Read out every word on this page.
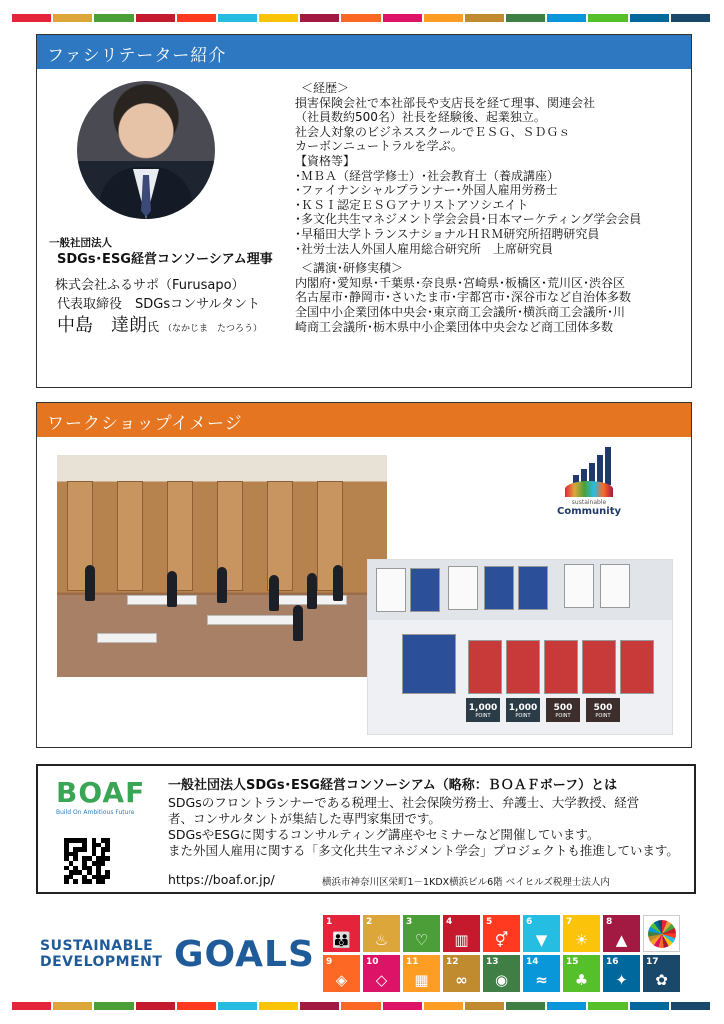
ファシリテーター紹介
一般社団法人
SDGs･ESG経営コンソーシアム理事
株式会社ふるサポ（Furusapo）
代表取締役　SDGsコンサルタント
中島　達朗氏 （なかじま　たつろう）
＜経歴＞
損害保険会社で本社部長や支店長を経て理事、関連会社
（社員数約500名）社長を経験後、起業独立。
社会人対象のビジネススクールでＥＳＧ、ＳＤＧｓ
カーボンニュートラルを学ぶ。
【資格等】
･ＭＢＡ（経営学修士）･社会教育士（養成講座）
･ファイナンシャルプランナー･外国人雇用労務士
･ＫＳＩ認定ＥＳＧアナリストアソシエイト
･多文化共生マネジメント学会会員･日本マーケティング学会会員
･早稲田大学トランスナショナルＨＲＭ研究所招聘研究員
･社労士法人外国人雇用総合研究所　上席研究員
＜講演･研修実積＞
内閣府･愛知県･千葉県･奈良県･宮崎県･板橋区･荒川区･渋谷区
名古屋市･静岡市･さいたま市･宇都宮市･深谷市など自治体多数
全国中小企業団体中央会･東京商工会議所･横浜商工会議所･川
崎商工会議所･栃木県中小企業団体中央会など商工団体多数
ワークショップイメージ
sustainable
Community
1,000
POINT
1,000
POINT
500
POINT
500
POINT
BOAF
Build On Ambitious Future

一般社団法人SDGs･ESG経営コンソーシアム（略称：ＢＯＡＦボーフ）とは

SDGsのフロントランナーである税理士、社会保険労務士、弁護士、大学教授、経営

者、コンサルタントが集結した専門家集団です。

SDGsやESGに関するコンサルティング講座やセミナーなど開催しています。

また外国人雇用に関する「多文化共生マネジメント学会」プロジェクトも推進しています。

https://boaf.or.jp/	横浜市神奈川区栄町1－1KDX横浜ビル6階 ベイヒルズ税理士法人内
SUSTAINABLE
DEVELOPMENT GOALS
1
👪
2
♨
3
♡
4
▥
5
⚥
6
▼
7
☀
8
▲
9
◈
10
◇
11
▦
12
∞
13
◉
14
≈
15
♣
16
✦
17
✿
